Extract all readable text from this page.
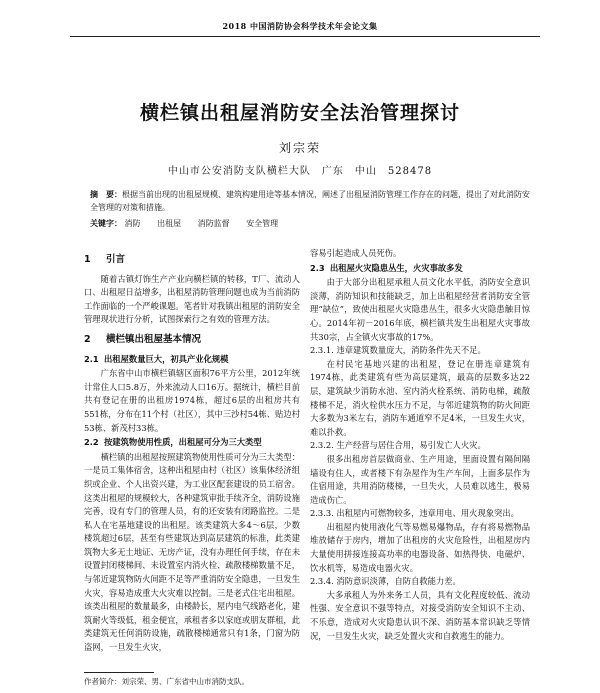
2018 中国消防协会科学技术年会论文集
横栏镇出租屋消防安全法治管理探讨
刘宗荣
中山市公安消防支队横栏大队　广东　中山　528478
摘　要：根据当前出现的出租屋规模、建筑构建用途等基本情况，阐述了出租屋消防管理工作存在的问题，提出了对此消防安全管理的对策和措施。
关键字： 消防 出租屋 消防监督 安全管理
1 引言

随着古镇灯饰生产产业向横栏镇的转移，T厂、流动人口、出租屋日益增多，出租屋消防管理问题也成为当前消防工作面临的一个严峻课题。笔者针对我镇出租屋的消防安全管理现状进行分析，试图探索行之有效的管理方法。

2 横栏镇出租屋基本情况
2.1 出租屋数量巨大，初具产业化规模

广东省中山市横栏镇辖区面积76平方公里，2012年统计常住人口5.8万，外来流动人口16万。据统计，横栏目前共有登记在册的出租房1974栋，超过6层的出租房共有551栋，分布在11个村（社区），其中三沙村54栋、贴边村53栋、新茂村33栋。

2.2 按建筑物使用性质，出租屋可分为三大类型

横栏镇的出租屋按照建筑物使用性质可分为三大类型：一是员工集体宿舍，这种出租屋由村（社区）该集体经济组织或企业、个人出资兴建，为工业区配套建设的员工宿舍。这类出租屋的规模较大，各种建筑审批手续齐全，消防设施完善，设有专门的管理人员，有的还安装有闭路监控。二是私人在宅基地建设的出租屋。该类建筑大多4～6层，少数楼筑超过6层，甚至有些建筑达到高层建筑的标准，此类建筑物大多无土地证、无房产证，没有办理任何手续，存在未设置封闭楼梯间、未设置室内消火栓、疏散楼梯数量不足，与邻近建筑物防火间距不足等严重消防安全隐患，一旦发生火灾，容易造成重大火灾难以控制。三是老式住宅出租屋。该类出租屋的数量最多，由楼龄长，屋内电气线路老化，建筑耐火等级低，租金便宜，承租者多以家庭或朋友群租，此类建筑无任何消防设施，疏散楼梯通常只有1条，门窗为防盗网，一旦发生火灾，

容易引起造成人员死伤。

2.3 出租屋火灾隐患丛生，火灾事故多发

由于大部分出租屋承租人员文化水平低，消防安全意识淡薄，消防知识和技能缺乏，加上出租屋经营者消防安全管理“缺位”，致使出租屋火灾隐患丛生，很多火灾隐患触目惊心。2014年初－2016年底，横栏镇共发生出租屋火灾事故共30宗，占全镇火灾事故的17%。

2.3.1. 违章建筑数量庞大，消防条件先天不足。

在村民宅基地兴建的出租屋，登记在册连章建筑有1974栋，此类建筑有些为高层建筑，最高的层数多达22层，建筑缺少消防水池、室内消火栓系统、消防电梯，疏散楼梯不足，消火栓供水压力不足，与邻近建筑物的防火间距大多数为3米左右，消防车通道窄不足4米，一旦发生火灾，难以扑救。

2.3.2. 生产经营与居住合用，易引发亡人火灾。

很多出租房首层做商业、生产用途，里面设置有隔间隔墙设有住人，或者楼下有杂屋作为生产车间，上面多层作为住宿用途，共用消防楼梯，一旦失火，人员难以逃生，极易造成伤亡。

2.3.3. 出租屋内可燃物较多，违章用电、用火现象突出。

出租屋内使用液化气等易燃易爆物品，存有将易燃物品堆放储存于房内，增加了出租房的火灾危险性，出租屋房内大量使用拼接连接高功率的电器设备、如热得快、电磁炉、饮水机等，易造成电器火灾。

2.3.4. 消防意识淡薄，自防自救能力差。

大多承租人为外来务工人员，具有文化程度较低、流动性强、安全意识不强等特点，对接受消防安全知识不主动、不乐意，造成对火灾隐患认识不深、消防基本常识缺乏等情况，一旦发生火灾，缺乏处置火灾和自救逃生的能力。

作者简介：刘宗荣、男、广东省中山市消防支队。
